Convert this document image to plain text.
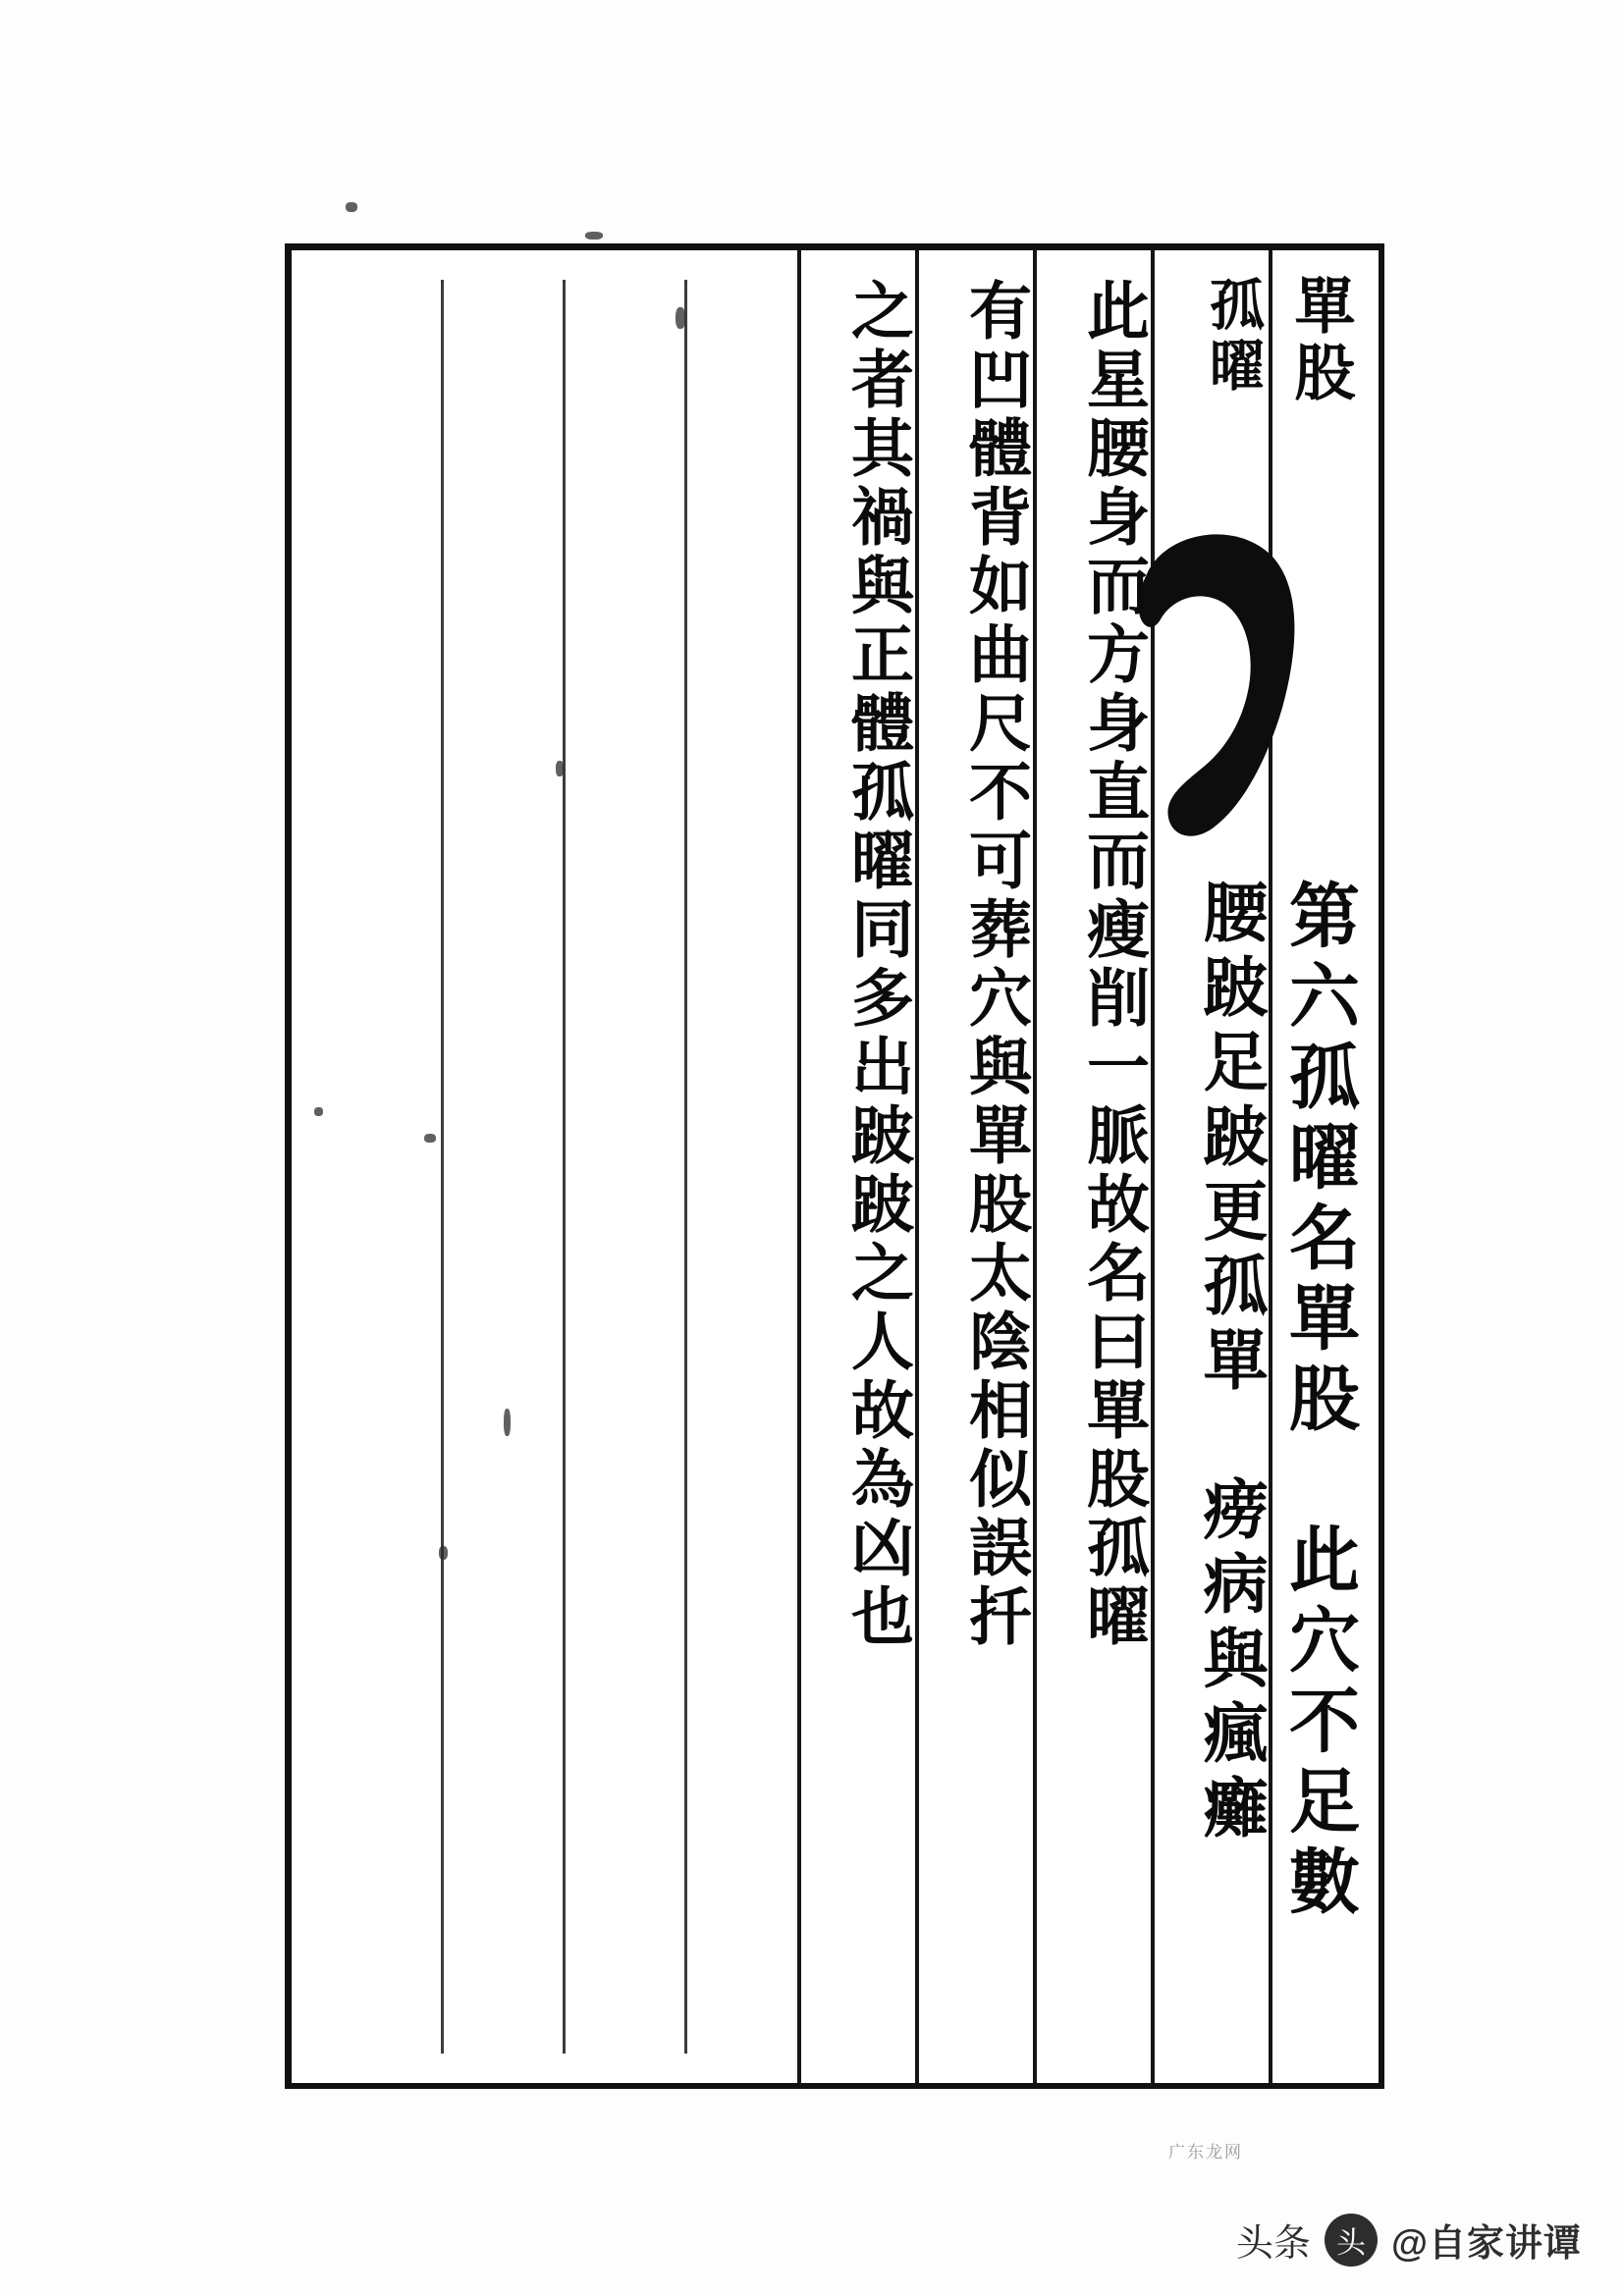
單股
孤曜
第六孤曜名單股　此穴不足數
腰跛足跛更孤單　痨病與瘋癱
此星腰身而方身直而瘦削一脈故名曰單股孤曜
有凹體背如曲尺不可葬穴與單股太陰相似誤扦
之者其禍與正體孤曜同多出跛跛之人故為凶也
广东龙网
头条 头 @自家讲谭
